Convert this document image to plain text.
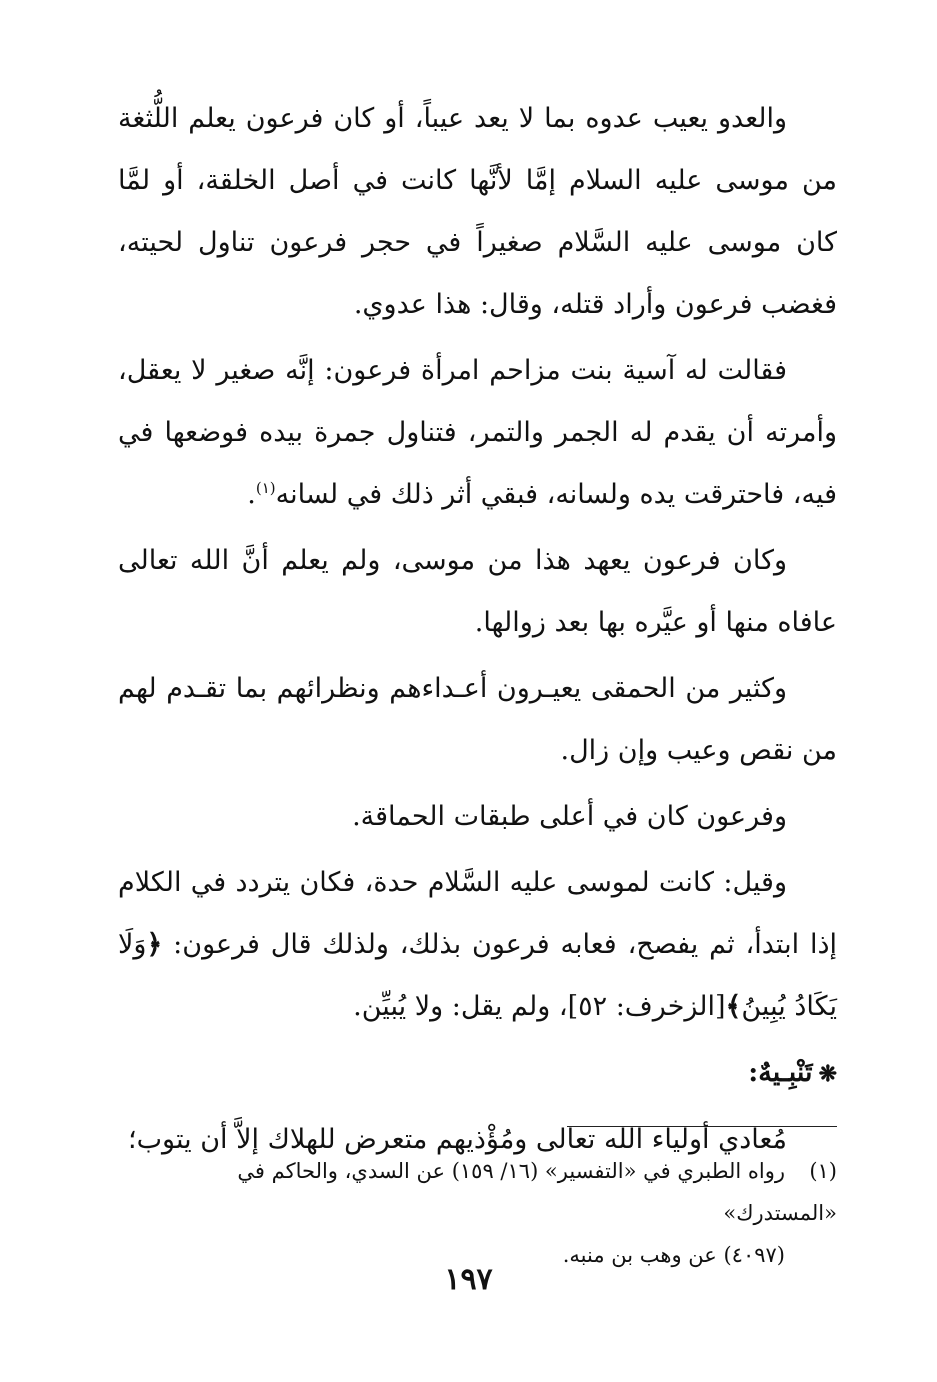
والعدو يعيب عدوه بما لا يعد عيباً، أو كان فرعون يعلم اللُّثغة من موسى عليه السلام إمَّا لأنَّها كانت في أصل الخلقة، أو لمَّا كان موسى عليه السَّلام صغيراً في حجر فرعون تناول لحيته، فغضب فرعون وأراد قتله، وقال: هذا عدوي.

فقالت له آسية بنت مزاحم امرأة فرعون: إنَّه صغير لا يعقل، وأمرته أن يقدم له الجمر والتمر، فتناول جمرة بيده فوضعها في فيه، فاحترقت يده ولسانه، فبقي أثر ذلك في لسانه$^{(١)}$.

وكان فرعون يعهد هذا من موسى، ولم يعلم أنَّ الله تعالى عافاه منها أو عيَّره بها بعد زوالها.

وكثير من الحمقى يعيـرون أعـداءهم ونظرائهم بما تقـدم لهم من نقص وعيب وإن زال.

وفرعون كان في أعلى طبقات الحماقة.

وقيل: كانت لموسى عليه السَّلام حدة، فكان يتردد في الكلام إذا ابتدأ، ثم يفصح، فعابه فرعون بذلك، ولذلك قال فرعون: ﴿وَلَا يَكَادُ يُبِينُ﴾[الزخرف: ٥٢]، ولم يقل: ولا يُبيِّن.

❋تَنْبِـيهٌ:

مُعادي أولياء الله تعالى ومُؤْذيهم متعرض للهلاك إلاَّ أن يتوب؛

(١)رواه الطبري في «التفسير» (١٦/ ١٥٩) عن السدي، والحاكم في «المستدرك»
(٤٠٩٧) عن وهب بن منبه.
١٩٧
